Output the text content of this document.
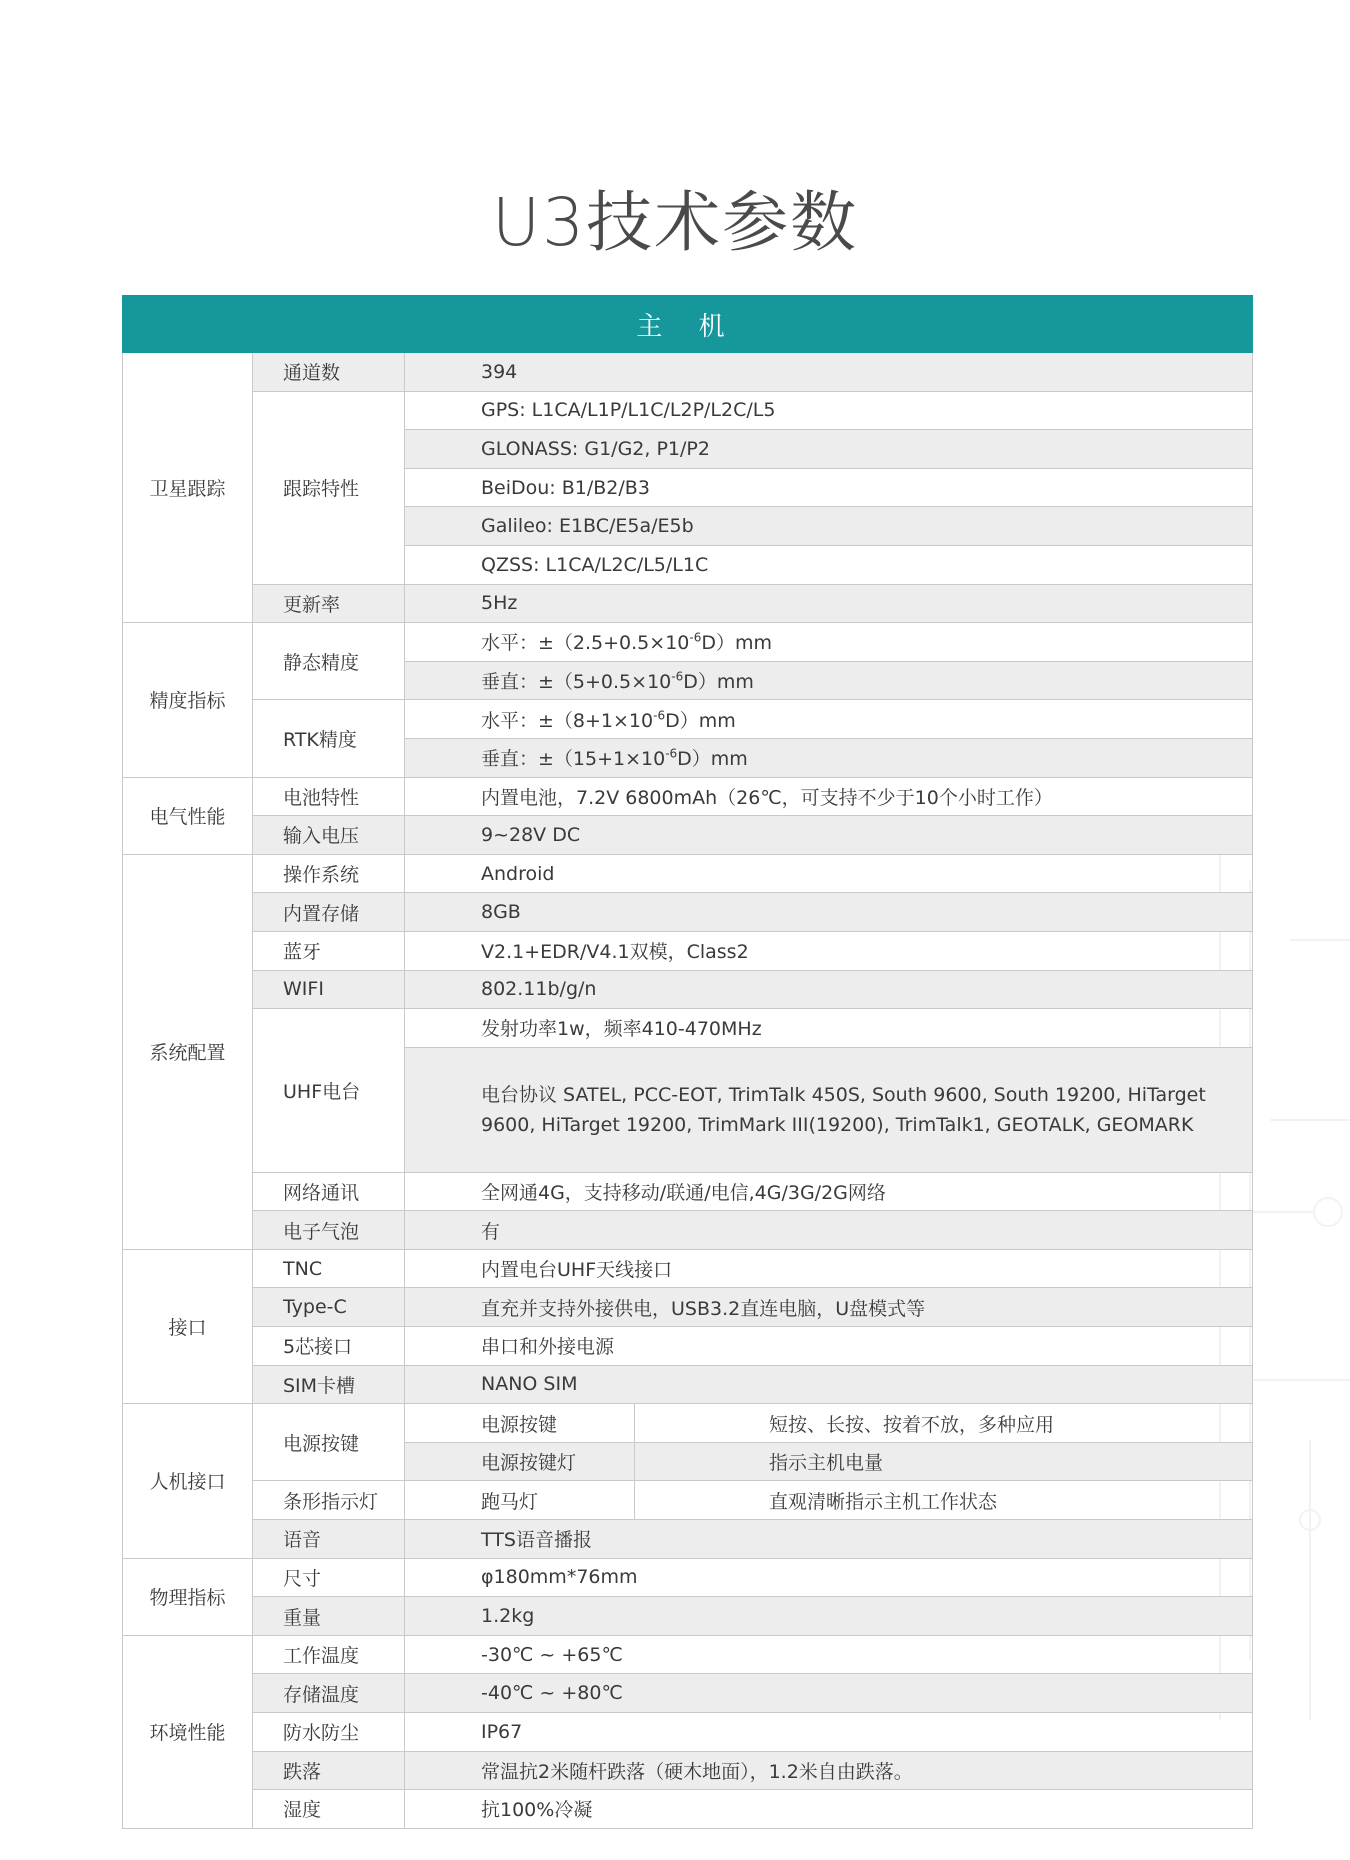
U3技术参数
主 机			
卫星跟踪	通道数	394	
	跟踪特性	GPS: L1CA/L1P/L1C/L2P/L2C/L5	
		GLONASS: G1/G2, P1/P2	
		BeiDou: B1/B2/B3	
		Galileo: E1BC/E5a/E5b	
		QZSS: L1CA/L2C/L5/L1C	
	更新率	5Hz	
精度指标	静态精度	水平：$\pm(2.5+0.5\times 10^{-6}D)mm$	
		垂直：$\pm(5+0.5\times 10^{-6}D)mm$	
	RTK精度	水平：$\pm(8+1\times 10^{-6}D)mm$	
		垂直：$\pm(15+1\times 10^{-6}D)mm$	
电气性能	电池特性	内置电池，7.2V 6800mAh（26℃，可支持不少于10个小时工作）	
	输入电压	9~28V DC	
系统配置	操作系统	Android	
	内置存储	8GB	
	蓝牙	V2.1+EDR/V4.1双模，Class2	
	WIFI	802.11b/g/n	
	UHF电台	发射功率1w，频率410-470MHz	
		电台协议 SATEL, PCC-EOT, TrimTalk 450S, South 9600, South 19200, HiTarget 9600, HiTarget 19200, TrimMark III(19200), TrimTalk1, GEOTALK, GEOMARK	
	网络通讯	全网通4G，支持移动/联通/电信,4G/3G/2G网络	
	电子气泡	有	
接口	TNC	内置电台UHF天线接口	
	Type-C	直充并支持外接供电，USB3.2直连电脑，U盘模式等	
	5芯接口	串口和外接电源	
	SIM卡槽	NANO SIM	
人机接口	电源按键	电源按键	短按、长按、按着不放，多种应用
		电源按键灯	指示主机电量
	条形指示灯	跑马灯	直观清晰指示主机工作状态
	语音	TTS语音播报	
物理指标	尺寸	φ180mm*76mm	
	重量	1.2kg	
环境性能	工作温度	-30℃ ~ +65℃	
	存储温度	-40℃ ~ +80℃	
	防水防尘	IP67	
	跌落	常温抗2米随杆跌落（硬木地面），1.2米自由跌落。	
	湿度	抗100%冷凝	
